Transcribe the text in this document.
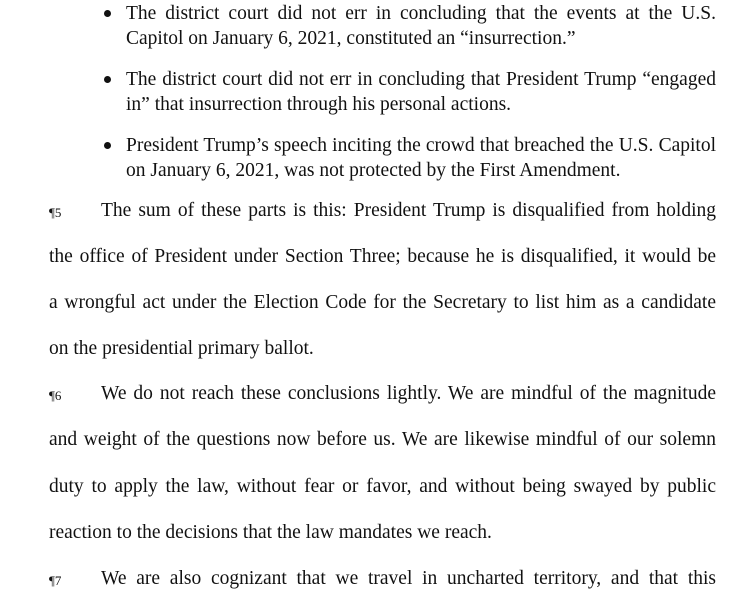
The district court did not err in concluding that the events at the U.S. Capitol on January 6, 2021, constituted an “insurrection.”
The district court did not err in concluding that President Trump “engaged in” that insurrection through his personal actions.
President Trump’s speech inciting the crowd that breached the U.S. Capitol on January 6, 2021, was not protected by the First Amendment.
¶5 The sum of these parts is this: President Trump is disqualified from holding
the office of President under Section Three; because he is disqualified, it would be
a wrongful act under the Election Code for the Secretary to list him as a candidate
on the presidential primary ballot.
¶6 We do not reach these conclusions lightly. We are mindful of the magnitude
and weight of the questions now before us. We are likewise mindful of our solemn
duty to apply the law, without fear or favor, and without being swayed by public
reaction to the decisions that the law mandates we reach.
¶7 We are also cognizant that we travel in uncharted territory, and that this
